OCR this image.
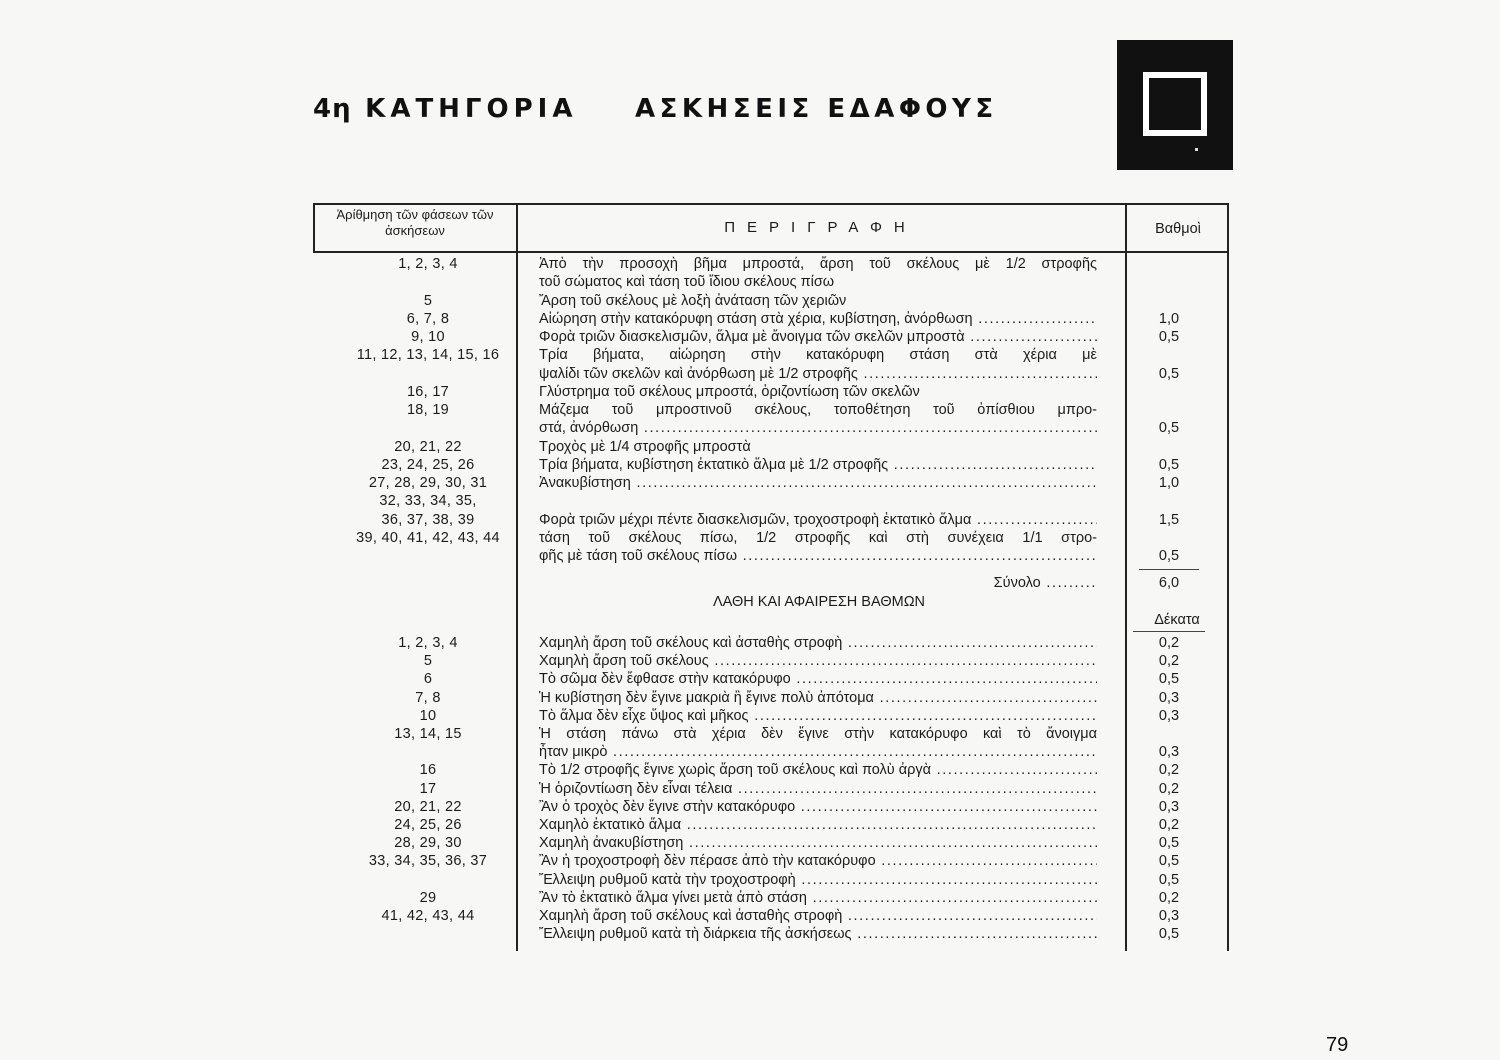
4η ΚΑΤΗΓΟΡΙΑ ΑΣΚΗΣΕΙΣ ΕΔΑΦΟΥΣ
Ἀρίθμηση τῶν φάσεων τῶν ἀσκήσεων	ΠΕΡΙΓΡΑΦΗ	Βαθμοὶ
1, 2, 3, 4	Ἀπὸ τὴν προσοχὴ βῆμα μπροστά, ἄρση τοῦ σκέλους μὲ 1/2 στροφῆς
τοῦ σώματος καὶ τάση τοῦ ἴδιου σκέλους πίσω
5	Ἄρση τοῦ σκέλους μὲ λοξὴ ἀνάταση τῶν χεριῶν
6, 7, 8	Αἰώρηση στὴν κατακόρυφη στάση στὰ χέρια, κυβίστηση, ἀνόρθωση .....	1,0
9, 10	Φορὰ τριῶν διασκελισμῶν, ἅλμα μὲ ἄνοιγμα τῶν σκελῶν μπροστὰ .....	0,5
11, 12, 13, 14, 15, 16	Τρία βήματα, αἰώρηση στὴν κατακόρυφη στάση στὰ χέρια μὲ
ψαλίδι τῶν σκελῶν καὶ ἀνόρθωση μὲ 1/2 στροφῆς .....	0,5
16, 17	Γλύστρημα τοῦ σκέλους μπροστά, ὁριζοντίωση τῶν σκελῶν
18, 19	Μάζεμα τοῦ μπροστινοῦ σκέλους, τοποθέτηση τοῦ ὀπίσθιου μπρο-
στά, ἀνόρθωση .....	0,5
20, 21, 22	Τροχὸς μὲ 1/4 στροφῆς μπροστὰ
23, 24, 25, 26	Τρία βήματα, κυβίστηση ἐκτατικὸ ἅλμα μὲ 1/2 στροφῆς .....	0,5
27, 28, 29, 30, 31	Ἀνακυβίστηση .....	1,0
32, 33, 34, 35,
36, 37, 38, 39	Φορὰ τριῶν μέχρι πέντε διασκελισμῶν, τροχοστροφὴ ἐκτατικὸ ἅλμα .....	1,5
39, 40, 41, 42, 43, 44	τάση τοῦ σκέλους πίσω, 1/2 στροφῆς καὶ στὴ συνέχεια 1/1 στρο-
φῆς μὲ τάση τοῦ σκέλους πίσω .....	0,5
Σύνολο .....	6,0
ΛΑΘΗ ΚΑΙ ΑΦΑΙΡΕΣΗ ΒΑΘΜΩΝ
Δέκατα
1, 2, 3, 4	Χαμηλὴ ἄρση τοῦ σκέλους καὶ ἀσταθὴς στροφὴ .....	0,2
5	Χαμηλὴ ἄρση τοῦ σκέλους .....	0,2
6	Τὸ σῶμα δὲν ἔφθασε στὴν κατακόρυφο .....	0,5
7, 8	Ἡ κυβίστηση δὲν ἔγινε μακριὰ ἢ ἔγινε πολὺ ἀπότομα .....	0,3
10	Τὸ ἅλμα δὲν εἶχε ὕψος καὶ μῆκος .....	0,3
13, 14, 15	Ἡ στάση πάνω στὰ χέρια δὲν ἔγινε στὴν κατακόρυφο καὶ τὸ ἄνοιγμα
ἦταν μικρὸ .....	0,3
16	Τὸ 1/2 στροφῆς ἔγινε χωρὶς ἄρση τοῦ σκέλους καὶ πολὺ ἀργὰ .....	0,2
17	Ἡ ὁριζοντίωση δὲν εἶναι τέλεια .....	0,2
20, 21, 22	Ἂν ὁ τροχὸς δὲν ἔγινε στὴν κατακόρυφο .....	0,3
24, 25, 26	Χαμηλὸ ἐκτατικὸ ἅλμα .....	0,2
28, 29, 30	Χαμηλὴ ἀνακυβίστηση .....	0,5
33, 34, 35, 36, 37	Ἂν ἡ τροχοστροφὴ δὲν πέρασε ἀπὸ τὴν κατακόρυφο .....	0,5
Ἔλλειψη ρυθμοῦ κατὰ τὴν τροχοστροφὴ .....	0,5
29	Ἂν τὸ ἐκτατικὸ ἅλμα γίνει μετὰ ἀπὸ στάση .....	0,2
41, 42, 43, 44	Χαμηλὴ ἄρση τοῦ σκέλους καὶ ἀσταθὴς στροφὴ .....	0,3
Ἔλλειψη ρυθμοῦ κατὰ τὴ διάρκεια τῆς ἀσκήσεως .....	0,5
79
